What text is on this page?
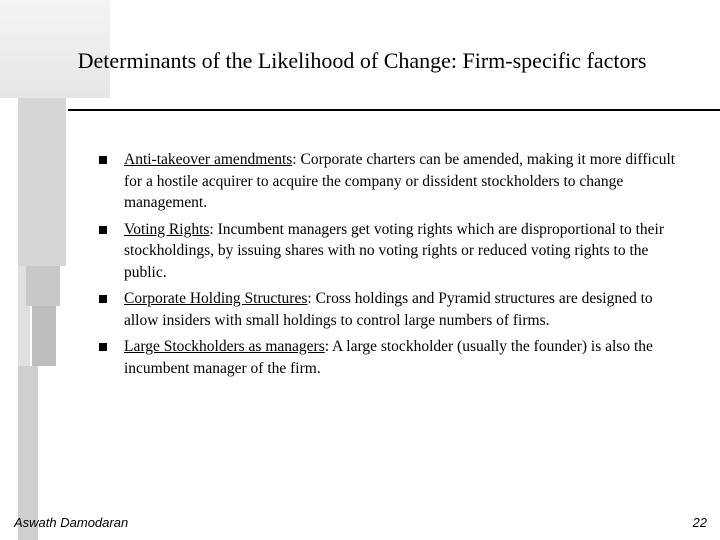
Determinants of the Likelihood of Change: Firm-specific factors
Anti-takeover amendments: Corporate charters can be amended, making it more difficult for a hostile acquirer to acquire the company or dissident stockholders to change management.
Voting Rights: Incumbent managers get voting rights which are disproportional to their stockholdings, by issuing shares with no voting rights or reduced voting rights to the public.
Corporate Holding Structures: Cross holdings and Pyramid structures are designed to allow insiders with small holdings to control large numbers of firms.
Large Stockholders as managers: A large stockholder (usually the founder) is also the incumbent manager of the firm.
Aswath Damodaran	22
